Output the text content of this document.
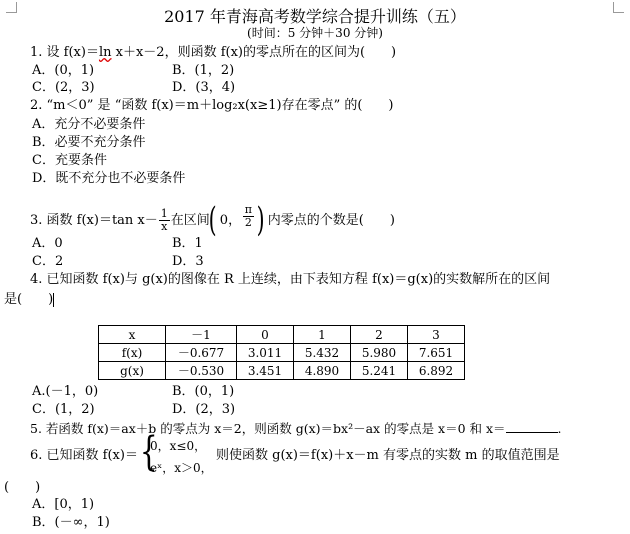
2017 年青海高考数学综合提升训练（五）
(时间：5 分钟＋30 分钟)
1. 设 f(x)＝ln x＋x－2，则函数 f(x)的零点所在的区间为(　　)
A．(0，1)	B．(1，2)
C．(2，3)	D．(3，4)
2. “m＜0” 是 “函数 f(x)＝m＋log₂x(x≥1)存在零点” 的(　　)
A．充分不必要条件
B．必要不充分条件
C．充要条件
D．既不充分也不必要条件
3. 函数 f(x)＝tan $x- \frac{1}{x}$ 在区间
( 0， $\frac{\pi}{2}$ ) 内零点的个数是(　　)
A．0	B．1
C．2	D．3
4. 已知函数 f(x)与 g(x)的图像在 R 上连续，由下表知方程 f(x)＝g(x)的实数解所在的区间
是(　　)
x	－1	0	1	2	3
f(x)	－0.677	3.011	5.432	5.980	7.651
g(x)	－0.530	3.451	4.890	5.241	6.892
A.(－1，0)	B．(0，1)
C．(1，2)	D．(2，3)
5. 若函数 f(x)＝ax＋b 的零点为 x＝2，则函数 g(x)＝bx²－ax 的零点是 x＝0 和 x＝	.
6. 已知函数 f(x)＝ {
0，x≤0，
eˣ，x＞0，
则使函数 g(x)＝f(x)＋x－m 有零点的实数 m 的取值范围是
(　　)
A．[0，1)
B．(－∞，1)
